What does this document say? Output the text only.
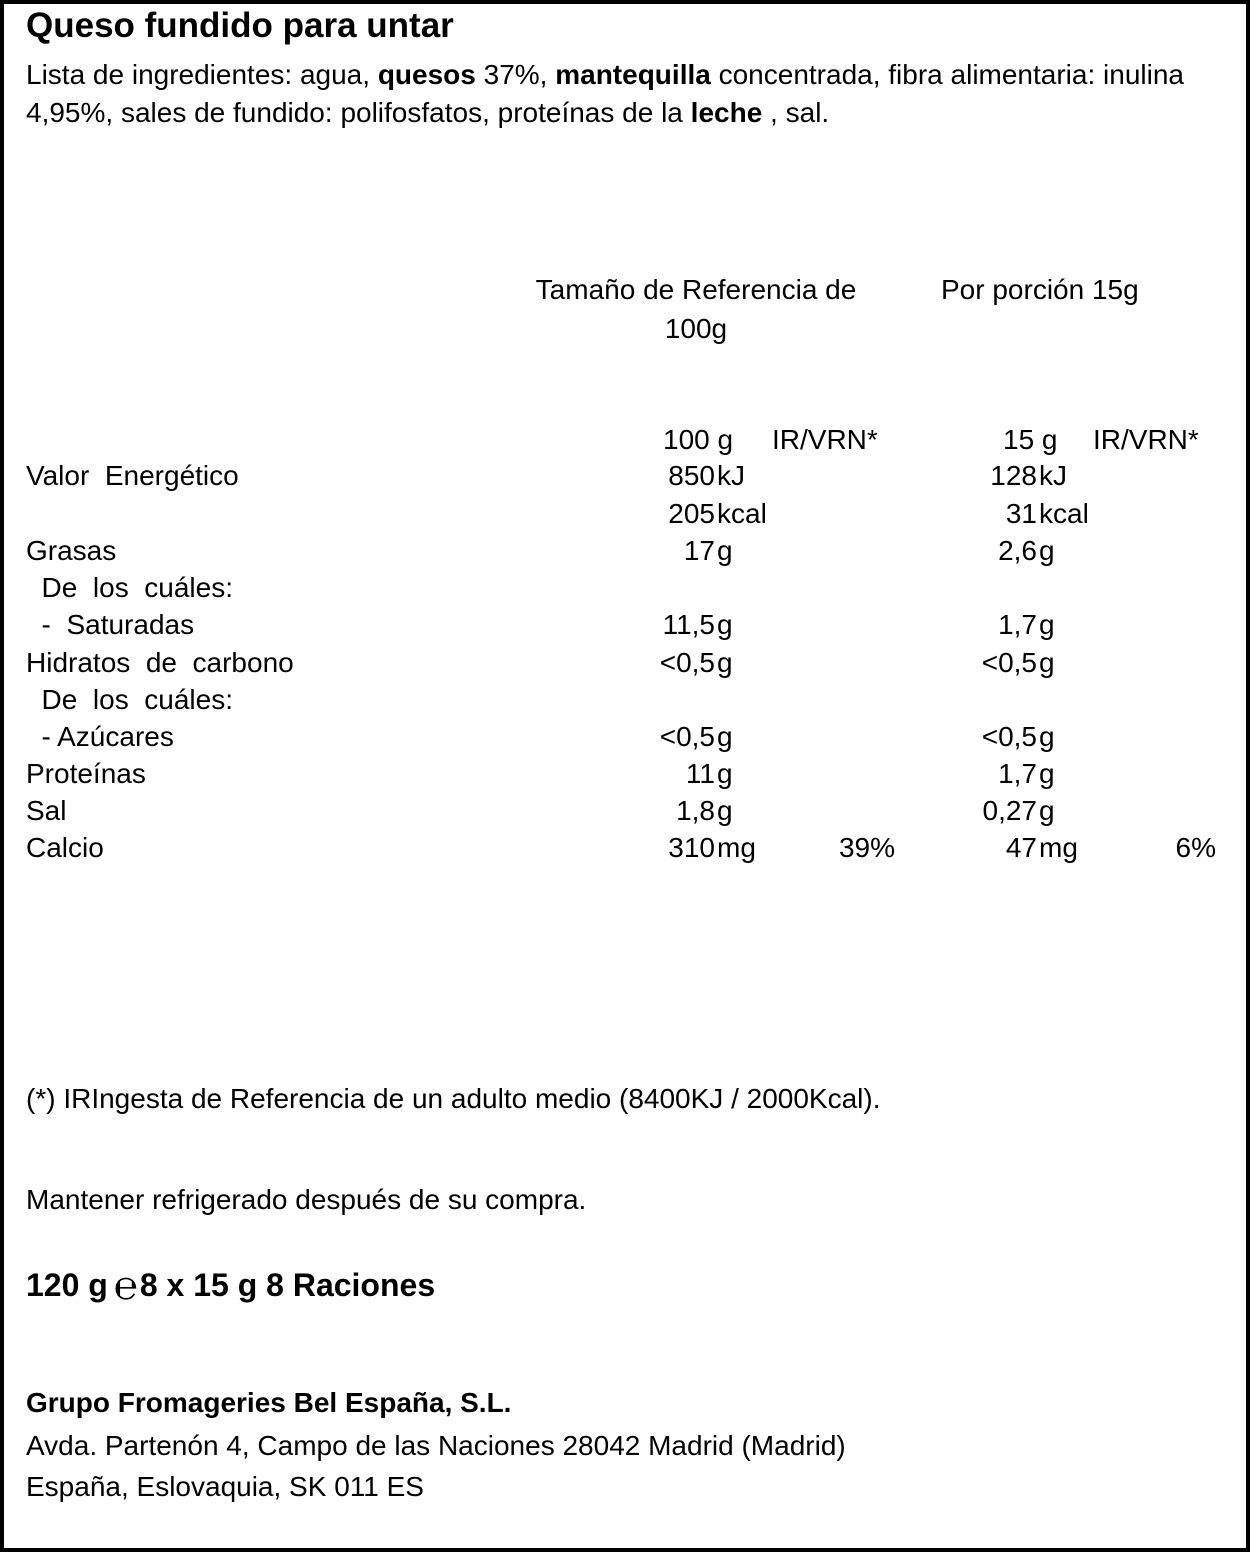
Queso fundido para untar
Lista de ingredientes: agua, quesos 37%, mantequilla concentrada, fibra alimentaria: inulina 4,95%, sales de fundido: polifosfatos, proteínas de la leche , sal.
Tamaño de Referencia de
100g
Por porción 15g
100 g IR/VRN*	15 g IR/VRN*
Valor  Energético	850 kJ	128 kJ
205 kcal	31 kcal
Grasas	17 g	2,6 g
De  los  cuáles:
-  Saturadas	11,5 g	1,7 g
Hidratos  de  carbono	<0,5 g	<0,5 g
De  los  cuáles:
- Azúcares	<0,5 g	<0,5 g
Proteínas	11 g	1,7 g
Sal	1,8 g	0,27 g
Calcio	310 mg	39%	47 mg	6%
(*) IRIngesta de Referencia de un adulto medio (8400KJ / 2000Kcal).
Mantener refrigerado después de su compra.
120 g ℮8 x 15 g 8 Raciones
Grupo Fromageries Bel España, S.L.
Avda. Partenón 4, Campo de las Naciones 28042 Madrid (Madrid)
España, Eslovaquia, SK 011 ES
